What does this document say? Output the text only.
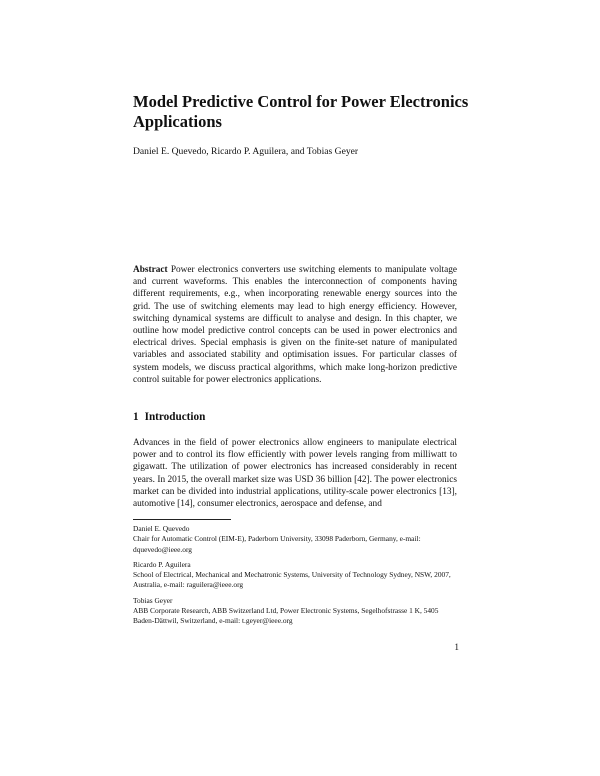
Model Predictive Control for Power Electronics Applications
Daniel E. Quevedo, Ricardo P. Aguilera, and Tobias Geyer

Abstract Power electronics converters use switching elements to manipulate voltage and current waveforms. This enables the interconnection of components having different requirements, e.g., when incorporating renewable energy sources into the grid. The use of switching elements may lead to high energy efficiency. However, switching dynamical systems are difficult to analyse and design. In this chapter, we outline how model predictive control concepts can be used in power electronics and electrical drives. Special emphasis is given on the finite-set nature of manipulated variables and associated stability and optimisation issues. For particular classes of system models, we discuss practical algorithms, which make long-horizon predictive control suitable for power electronics applications.

1 Introduction

Advances in the field of power electronics allow engineers to manipulate electrical power and to control its flow efficiently with power levels ranging from milliwatt to gigawatt. The utilization of power electronics has increased considerably in recent years. In 2015, the overall market size was USD 36 billion [42]. The power electronics market can be divided into industrial applications, utility-scale power electronics [13], automotive [14], consumer electronics, aerospace and defense, and

Daniel E. Quevedo
Chair for Automatic Control (EIM-E), Paderborn University, 33098 Paderborn, Germany, e-mail: dquevedo@ieee.org
Ricardo P. Aguilera
School of Electrical, Mechanical and Mechatronic Systems, University of Technology Sydney, NSW, 2007, Australia, e-mail: raguilera@ieee.org
Tobias Geyer
ABB Corporate Research, ABB Switzerland Ltd, Power Electronic Systems, Segelhofstrasse 1 K, 5405 Baden-Dättwil, Switzerland, e-mail: t.geyer@ieee.org
1
